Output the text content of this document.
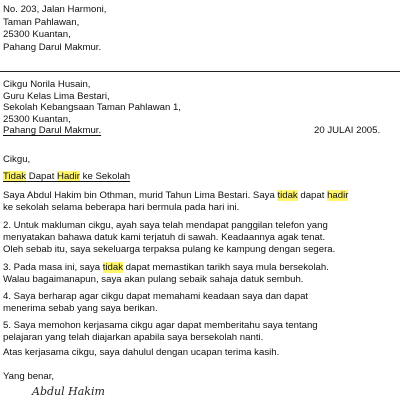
No. 203, Jalan Harmoni,
Taman Pahlawan,
25300 Kuantan,
Pahang Darul Makmur.
Cikgu Norila Husain,
Guru Kelas Lima Bestari,
Sekolah Kebangsaan Taman Pahlawan 1,
25300 Kuantan,
Pahang Darul Makmur.	20 JULAI 2005.
Cikgu,
Tidak Dapat Hadir ke Sekolah
Saya Abdul Hakim bin Othman, murid Tahun Lima Bestari. Saya tidak dapat hadir
ke sekolah selama beberapa hari bermula pada hari ini.
2. Untuk makluman cikgu, ayah saya telah mendapat panggilan telefon yang
menyatakan bahawa datuk kami terjatuh di sawah. Keadaannya agak tenat.
Oleh sebab itu, saya sekeluarga terpaksa pulang ke kampung dengan segera.
3. Pada masa ini, saya tidak dapat memastikan tarikh saya mula bersekolah.
Walau bagaimanapun, saya akan pulang sebaik sahaja datuk sembuh.
4. Saya berharap agar cikgu dapat memahami keadaan saya dan dapat
menerima sebab yang saya berikan.
5. Saya memohon kerjasama cikgu agar dapat memberitahu saya tentang
pelajaran yang telah diajarkan apabila saya bersekolah nanti.
Atas kerjasama cikgu, saya dahulul dengan ucapan terima kasih.
Yang benar,
Abdul Hakim
